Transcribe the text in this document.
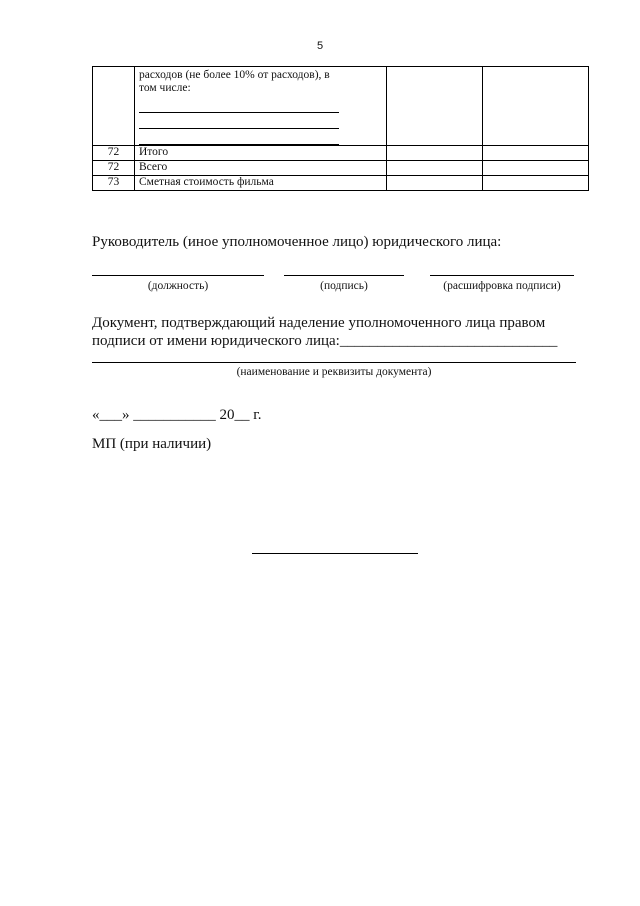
5

	расходов (не более 10% от расходов), в
том числе:		

72	Итого		
72	Всего		
73	Сметная стоимость фильма		
Руководитель (иное уполномоченное лицо) юридического лица:
(должность)	(подпись)	(расшифровка подписи)
Документ, подтверждающий наделение уполномоченного лица правом
подписи от имени юридического лица:_____________________________
(наименование и реквизиты документа)
«___» ___________ 20__ г.
МП (при наличии)
